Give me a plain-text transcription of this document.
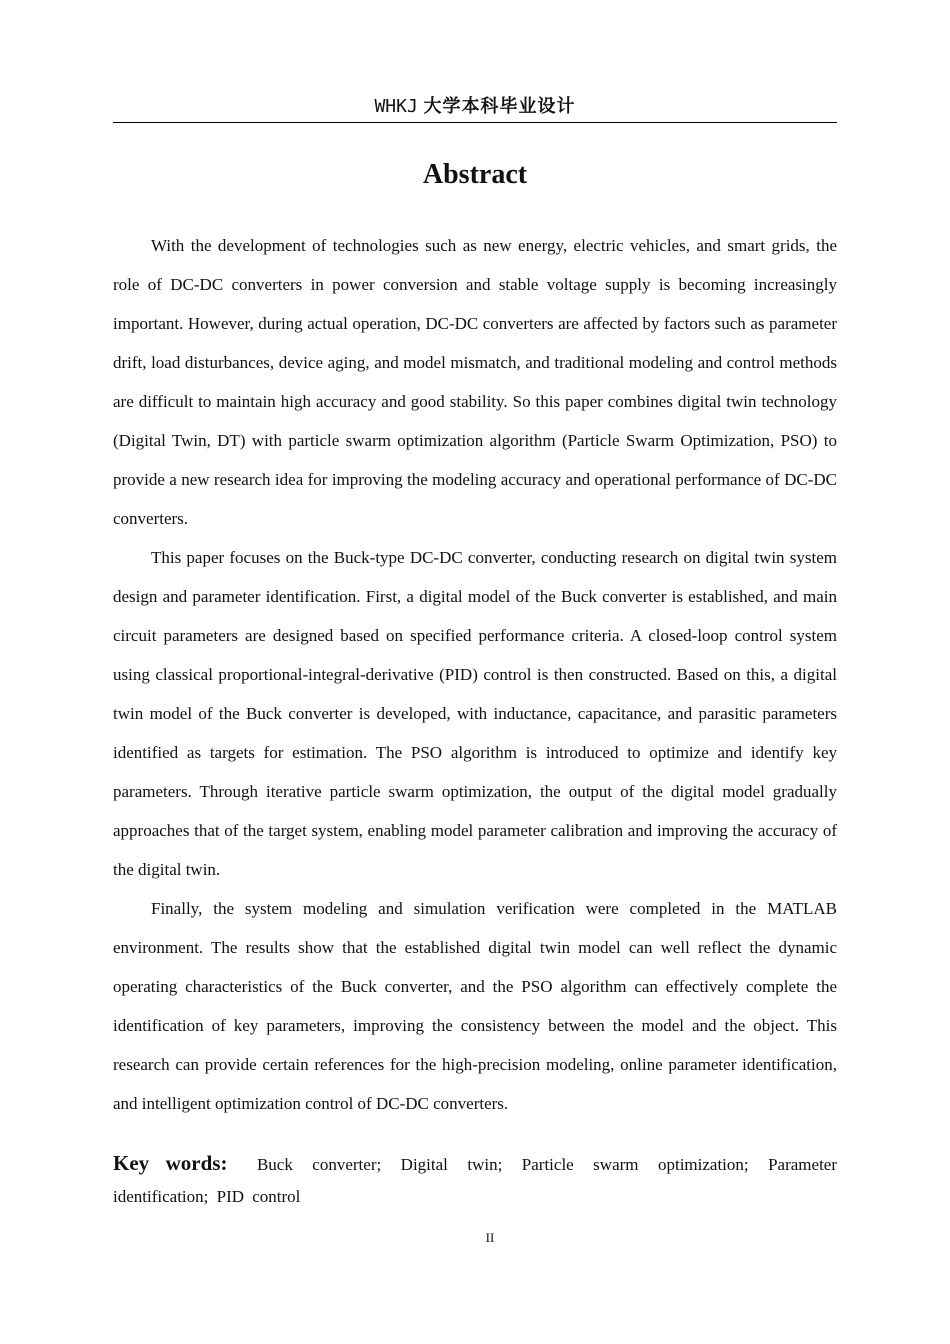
WHKJ 大学本科毕业设计
Abstract

With the development of technologies such as new energy, electric vehicles, and smart grids, the role of DC-DC converters in power conversion and stable voltage supply is becoming increasingly important. However, during actual operation, DC-DC converters are affected by factors such as parameter drift, load disturbances, device aging, and model mismatch, and traditional modeling and control methods are difficult to maintain high accuracy and good stability. So this paper combines digital twin technology (Digital Twin, DT) with particle swarm optimization algorithm (Particle Swarm Optimization, PSO) to provide a new research idea for improving the modeling accuracy and operational performance of DC-DC converters.

This paper focuses on the Buck-type DC-DC converter, conducting research on digital twin system design and parameter identification. First, a digital model of the Buck converter is established, and main circuit parameters are designed based on specified performance criteria. A closed-loop control system using classical proportional-integral-derivative (PID) control is then constructed. Based on this, a digital twin model of the Buck converter is developed, with inductance, capacitance, and parasitic parameters identified as targets for estimation. The PSO algorithm is introduced to optimize and identify key parameters. Through iterative particle swarm optimization, the output of the digital model gradually approaches that of the target system, enabling model parameter calibration and improving the accuracy of the digital twin.

Finally, the system modeling and simulation verification were completed in the MATLAB environment. The results show that the established digital twin model can well reflect the dynamic operating characteristics of the Buck converter, and the PSO algorithm can effectively complete the identification of key parameters, improving the consistency between the model and the object. This research can provide certain references for the high-precision modeling, online parameter identification, and intelligent optimization control of DC-DC converters.

Key words: Buck converter; Digital twin; Particle swarm optimization; Parameter identification; PID control
II
